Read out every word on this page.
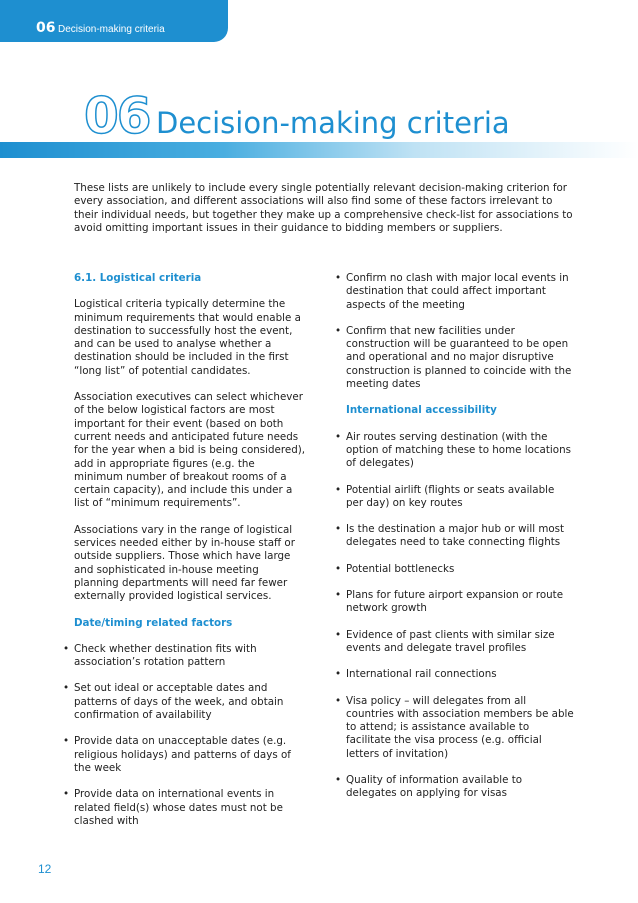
06 Decision-making criteria
06 Decision-making criteria

These lists are unlikely to include every single potentially relevant decision-making criterion for every association, and different associations will also find some of these factors irrelevant to their individual needs, but together they make up a comprehensive check-list for associations to avoid omitting important issues in their guidance to bidding members or suppliers.

6.1. Logistical criteria

Logistical criteria typically determine the minimum requirements that would enable a destination to successfully host the event, and can be used to analyse whether a destination should be included in the first “long list” of potential candidates.

Association executives can select whichever of the below logistical factors are most important for their event (based on both current needs and anticipated future needs for the year when a bid is being considered), add in appropriate figures (e.g. the minimum number of breakout rooms of a certain capacity), and include this under a list of “minimum requirements”.

Associations vary in the range of logistical services needed either by in-house staff or outside suppliers. Those which have large and sophisticated in-house meeting planning departments will need far fewer externally provided logistical services.

Date/timing related factors

• Check whether destination fits with association’s rotation pattern
• Set out ideal or acceptable dates and patterns of days of the week, and obtain confirmation of availability
• Provide data on unacceptable dates (e.g. religious holidays) and patterns of days of the week
• Provide data on international events in related field(s) whose dates must not be clashed with
• Confirm no clash with major local events in destination that could affect important aspects of the meeting
• Confirm that new facilities under construction will be guaranteed to be open and operational and no major disruptive construction is planned to coincide with the meeting dates

International accessibility

• Air routes serving destination (with the option of matching these to home locations of delegates)
• Potential airlift (flights or seats available per day) on key routes
• Is the destination a major hub or will most delegates need to take connecting flights
• Potential bottlenecks
• Plans for future airport expansion or route network growth
• Evidence of past clients with similar size events and delegate travel profiles
• International rail connections
• Visa policy – will delegates from all countries with association members be able to attend; is assistance available to facilitate the visa process (e.g. official letters of invitation)
• Quality of information available to delegates on applying for visas
12
